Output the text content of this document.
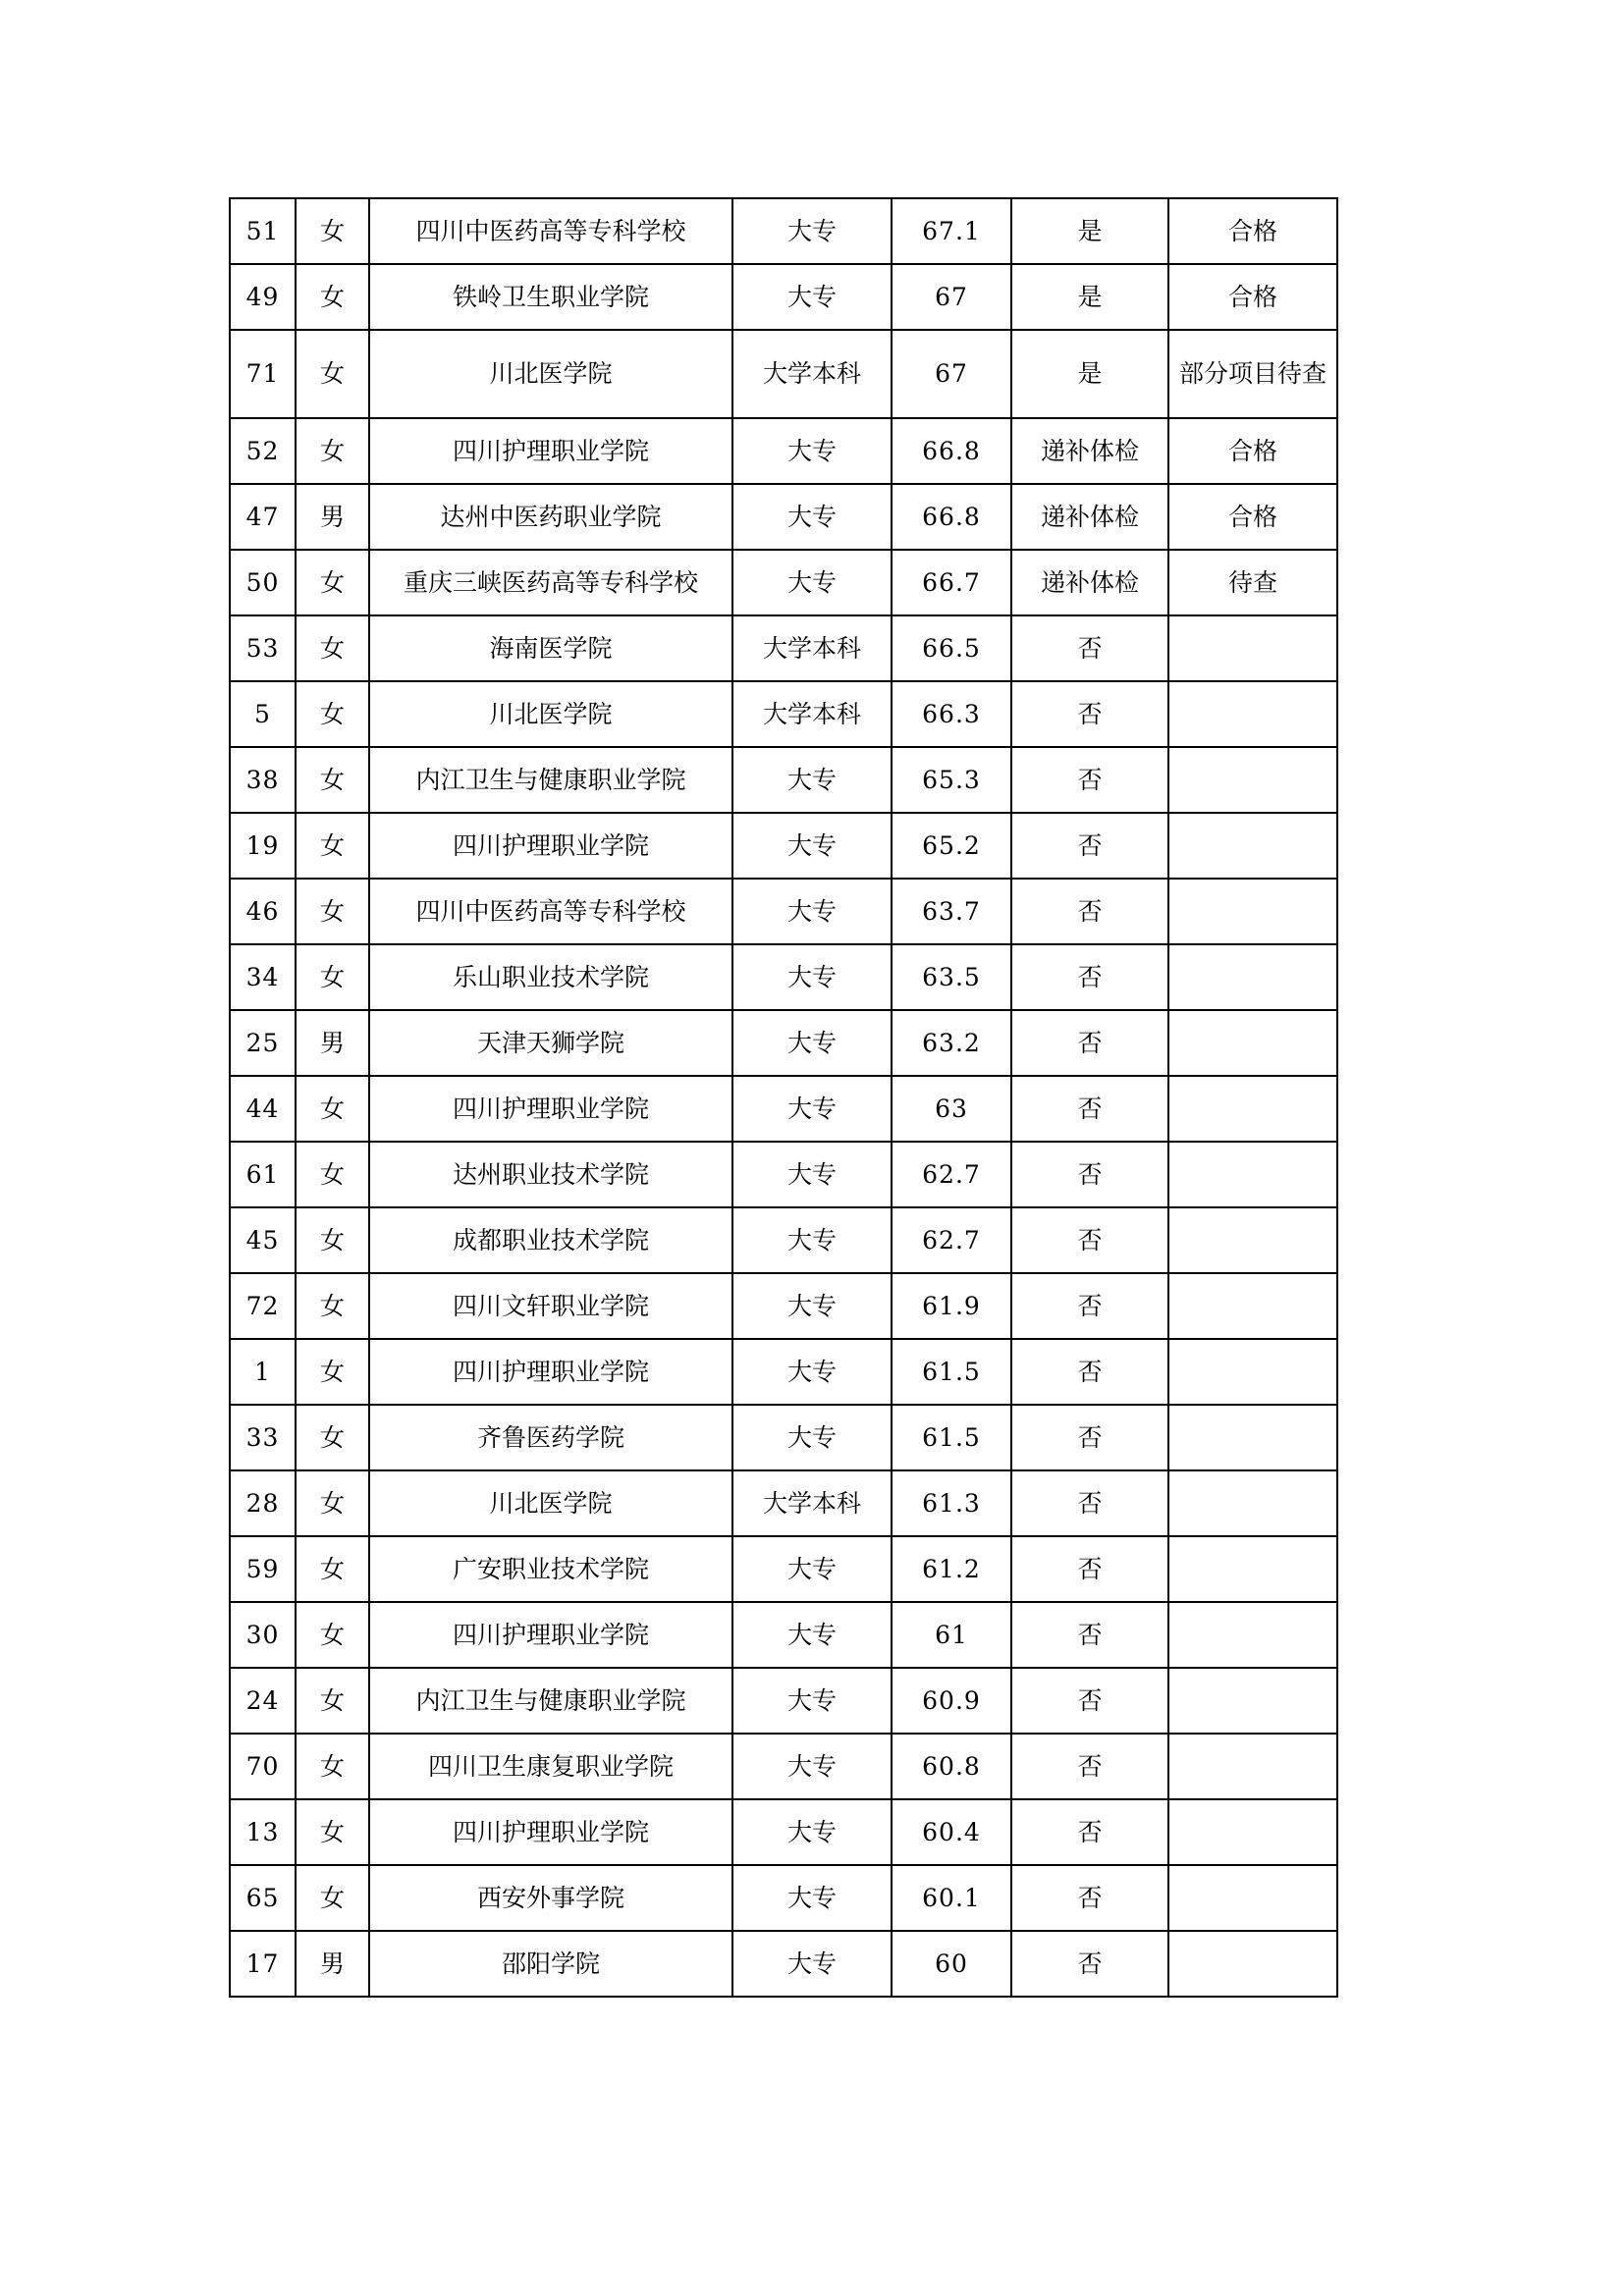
51	女	四川中医药高等专科学校	大专	67.1	是	合格
49	女	铁岭卫生职业学院	大专	67	是	合格
71	女	川北医学院	大学本科	67	是	部分项目待查
52	女	四川护理职业学院	大专	66.8	递补体检	合格
47	男	达州中医药职业学院	大专	66.8	递补体检	合格
50	女	重庆三峡医药高等专科学校	大专	66.7	递补体检	待查
53	女	海南医学院	大学本科	66.5	否	
5	女	川北医学院	大学本科	66.3	否	
38	女	内江卫生与健康职业学院	大专	65.3	否	
19	女	四川护理职业学院	大专	65.2	否	
46	女	四川中医药高等专科学校	大专	63.7	否	
34	女	乐山职业技术学院	大专	63.5	否	
25	男	天津天狮学院	大专	63.2	否	
44	女	四川护理职业学院	大专	63	否	
61	女	达州职业技术学院	大专	62.7	否	
45	女	成都职业技术学院	大专	62.7	否	
72	女	四川文轩职业学院	大专	61.9	否	
1	女	四川护理职业学院	大专	61.5	否	
33	女	齐鲁医药学院	大专	61.5	否	
28	女	川北医学院	大学本科	61.3	否	
59	女	广安职业技术学院	大专	61.2	否	
30	女	四川护理职业学院	大专	61	否	
24	女	内江卫生与健康职业学院	大专	60.9	否	
70	女	四川卫生康复职业学院	大专	60.8	否	
13	女	四川护理职业学院	大专	60.4	否	
65	女	西安外事学院	大专	60.1	否	
17	男	邵阳学院	大专	60	否	
